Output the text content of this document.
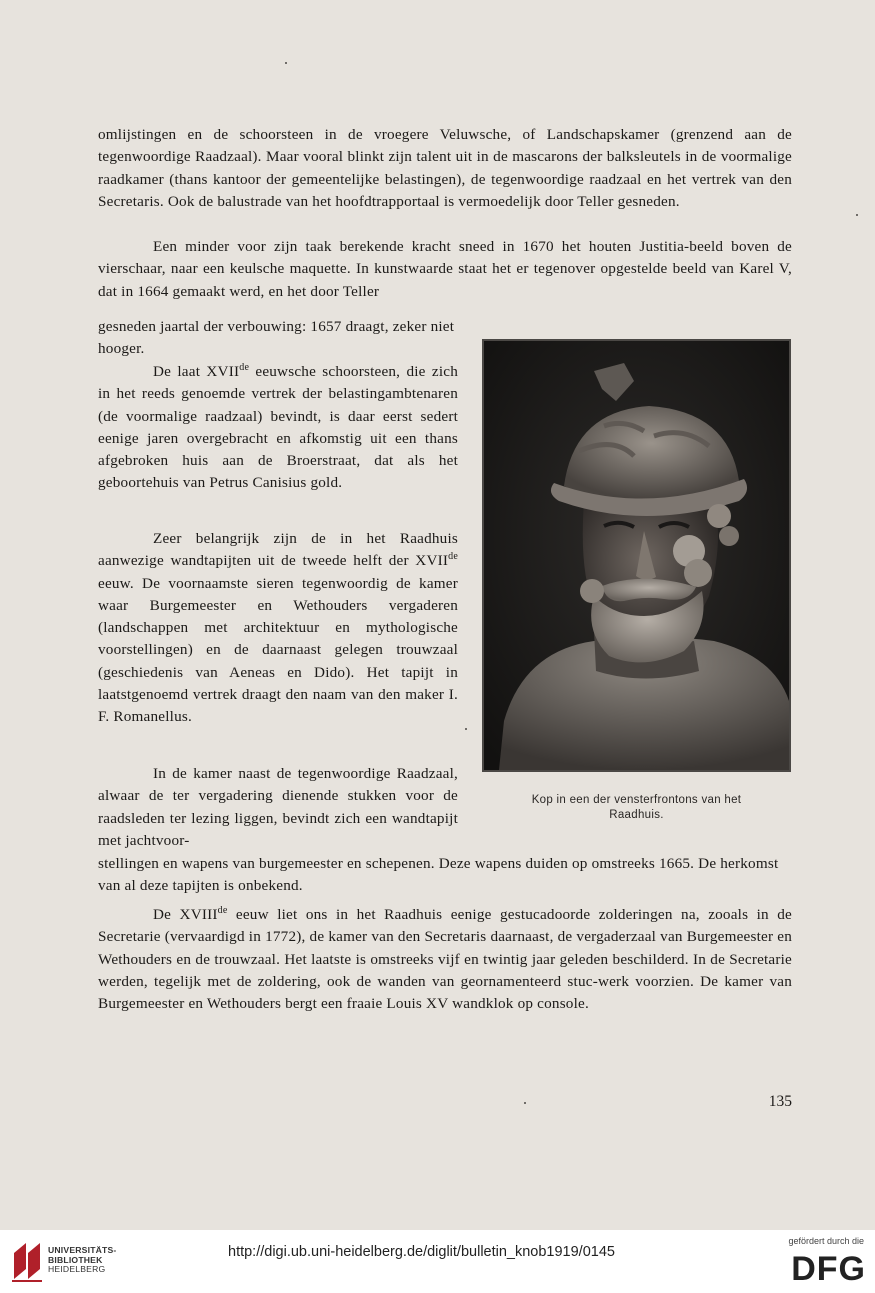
omlijstingen en de schoorsteen in de vroegere Veluwsche, of Landschapskamer (grenzend aan de tegenwoordige Raadzaal). Maar vooral blinkt zijn talent uit in de mascarons der balksleutels in de voormalige raadkamer (thans kantoor der gemeentelijke belastingen), de tegenwoordige raadzaal en het vertrek van den Secretaris. Ook de balustrade van het hoofdtrapportaal is vermoedelijk door Teller gesneden.

Een minder voor zijn taak berekende kracht sneed in 1670 het houten Justitia-beeld boven de vierschaar, naar een keulsche maquette. In kunstwaarde staat het er tegenover opgestelde beeld van Karel V, dat in 1664 gemaakt werd, en het door Teller

gesneden jaartal der verbouwing: 1657 draagt, zeker niet hooger.

De laat XVIIde eeuwsche schoorsteen, die zich in het reeds genoemde vertrek der belastingambtenaren (de voormalige raadzaal) bevindt, is daar eerst sedert eenige jaren overgebracht en afkomstig uit een thans afgebroken huis aan de Broerstraat, dat als het geboortehuis van Petrus Canisius gold.

Zeer belangrijk zijn de in het Raadhuis aanwezige wandtapijten uit de tweede helft der XVIIde eeuw. De voornaamste sieren tegenwoordig de kamer waar Burgemeester en Wethouders vergaderen (landschappen met architektuur en mythologische voorstellingen) en de daarnaast gelegen trouwzaal (geschiedenis van Aeneas en Dido). Het tapijt in laatstgenoemd vertrek draagt den naam van den maker I. F. Romanellus.

In de kamer naast de tegenwoordige Raadzaal, alwaar de ter vergadering dienende stukken voor de raadsleden ter lezing liggen, bevindt zich een wandtapijt met jachtvoor-

stellingen en wapens van burgemeester en schepenen. Deze wapens duiden op omstreeks 1665. De herkomst van al deze tapijten is onbekend.

De XVIIIde eeuw liet ons in het Raadhuis eenige gestucadoorde zolderingen na, zooals in de Secretarie (vervaardigd in 1772), de kamer van den Secretaris daarnaast, de vergaderzaal van Burgemeester en Wethouders en de trouwzaal. Het laatste is omstreeks vijf en twintig jaar geleden beschilderd. In de Secretarie werden, tegelijk met de zoldering, ook de wanden van geornamenteerd stuc-werk voorzien. De kamer van Burgemeester en Wethouders bergt een fraaie Louis XV wandklok op console.

Kop in een der vensterfrontons van het
Raadhuis.
135
UNIVERSITÄTS-
BIBLIOTHEK
HEIDELBERG
http://digi.ub.uni-heidelberg.de/diglit/bulletin_knob1919/0145
gefördert durch die
DFG
